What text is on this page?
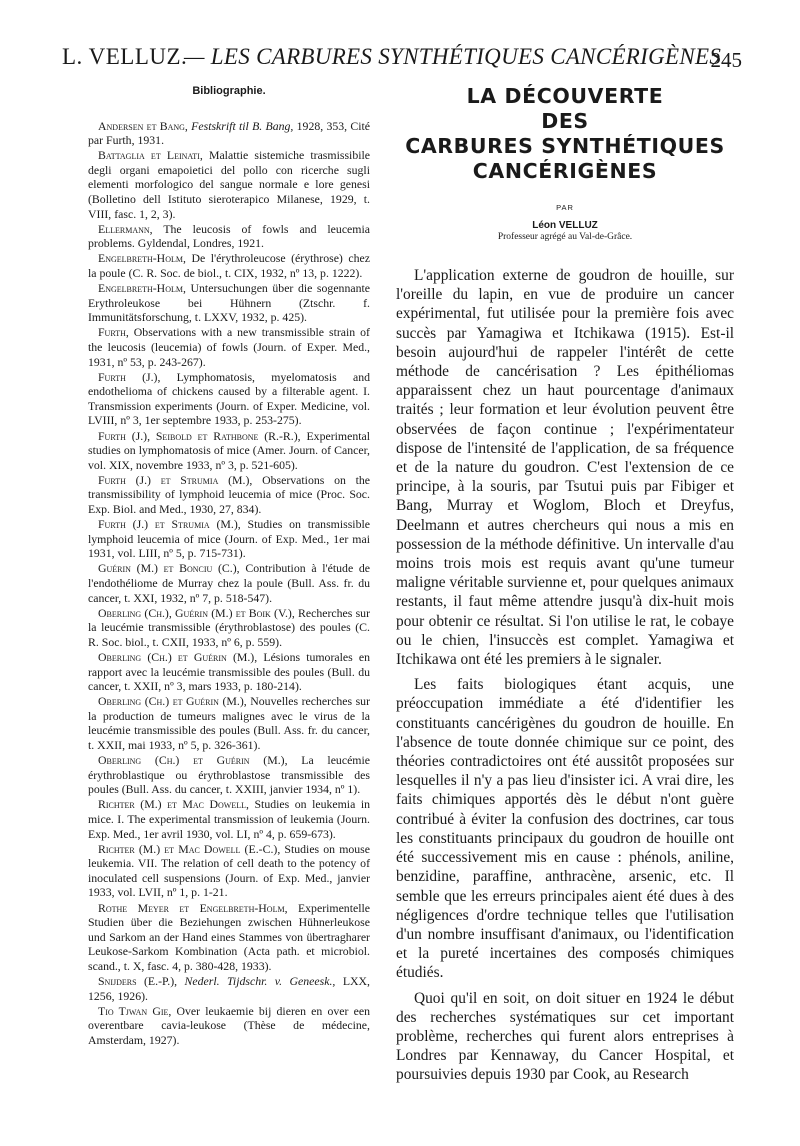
L. VELLUZ.
— LES CARBURES SYNTHÉTIQUES CANCÉRIGÈNES
245
Bibliographie.

Andersen et Bang, Festskrift til B. Bang, 1928, 353, Cité par Furth, 1931.

Battaglia et Leinati, Malattie sistemiche trasmissibile degli organi emapoietici del pollo con ricerche sugli elementi morfologico del sangue normale e lore genesi (Bolletino dell Istituto sieroterapico Milanese, 1929, t. VIII, fasc. 1, 2, 3).

Ellermann, The leucosis of fowls and leucemia problems. Gyldendal, Londres, 1921.

Engelbreth-Holm, De l'érythroleucose (érythrose) chez la poule (C. R. Soc. de biol., t. CIX, 1932, nº 13, p. 1222).

Engelbreth-Holm, Untersuchungen über die sogennante Erythroleukose bei Hühnern (Ztschr. f. Immunitätsforschung, t. LXXV, 1932, p. 425).

Furth, Observations with a new transmissible strain of the leucosis (leucemia) of fowls (Journ. of Exper. Med., 1931, nº 53, p. 243-267).

Furth (J.), Lymphomatosis, myelomatosis and endothelioma of chickens caused by a filterable agent. I. Transmission experiments (Journ. of Exper. Medicine, vol. LVIII, nº 3, 1er septembre 1933, p. 253-275).

Furth (J.), Seibold et Rathbone (R.-R.), Experimental studies on lymphomatosis of mice (Amer. Journ. of Cancer, vol. XIX, novembre 1933, nº 3, p. 521-605).

Furth (J.) et Strumia (M.), Observations on the transmissibility of lymphoid leucemia of mice (Proc. Soc. Exp. Biol. and Med., 1930, 27, 834).

Furth (J.) et Strumia (M.), Studies on transmissible lymphoid leucemia of mice (Journ. of Exp. Med., 1er mai 1931, vol. LIII, nº 5, p. 715-731).

Guérin (M.) et Bonciu (C.), Contribution à l'étude de l'endothéliome de Murray chez la poule (Bull. Ass. fr. du cancer, t. XXI, 1932, nº 7, p. 518-547).

Oberling (Ch.), Guérin (M.) et Boik (V.), Recherches sur la leucémie transmissible (érythroblastose) des poules (C. R. Soc. biol., t. CXII, 1933, nº 6, p. 559).

Oberling (Ch.) et Guérin (M.), Lésions tumorales en rapport avec la leucémie transmissible des poules (Bull. du cancer, t. XXII, nº 3, mars 1933, p. 180-214).

Oberling (Ch.) et Guérin (M.), Nouvelles recherches sur la production de tumeurs malignes avec le virus de la leucémie transmissible des poules (Bull. Ass. fr. du cancer, t. XXII, mai 1933, nº 5, p. 326-361).

Oberling (Ch.) et Guérin (M.), La leucémie érythroblastique ou érythroblastose transmissible des poules (Bull. Ass. du cancer, t. XXIII, janvier 1934, nº 1).

Richter (M.) et Mac Dowell, Studies on leukemia in mice. I. The experimental transmission of leukemia (Journ. Exp. Med., 1er avril 1930, vol. LI, nº 4, p. 659-673).

Richter (M.) et Mac Dowell (E.-C.), Studies on mouse leukemia. VII. The relation of cell death to the potency of inoculated cell suspensions (Journ. of Exp. Med., janvier 1933, vol. LVII, nº 1, p. 1-21.

Rothe Meyer et Engelbreth-Holm, Experimentelle Studien über die Beziehungen zwischen Hühnerleukose und Sarkom an der Hand eines Stammes von übertragharer Leukose-Sarkom Kombination (Acta path. et microbiol. scand., t. X, fasc. 4, p. 380-428, 1933).

Snijders (E.-P.), Nederl. Tijdschr. v. Geneesk., LXX, 1256, 1926).

Tio Tjwan Gie, Over leukaemie bij dieren en over een overentbare cavia-leukose (Thèse de médecine, Amsterdam, 1927).

LA DÉCOUVERTE
DES
CARBURES SYNTHÉTIQUES
CANCÉRIGÈNES
PAR
Léon VELLUZ
Professeur agrégé au Val-de-Grâce.

L'application externe de goudron de houille, sur l'oreille du lapin, en vue de produire un cancer expérimental, fut utilisée pour la première fois avec succès par Yamagiwa et Itchikawa (1915). Est-il besoin aujourd'hui de rappeler l'intérêt de cette méthode de cancérisation ? Les épithéliomas apparaissent chez un haut pourcentage d'animaux traités ; leur formation et leur évolution peuvent être observées de façon continue ; l'expérimentateur dispose de l'intensité de l'application, de sa fréquence et de la nature du goudron. C'est l'extension de ce principe, à la souris, par Tsutui puis par Fibiger et Bang, Murray et Woglom, Bloch et Dreyfus, Deelmann et autres chercheurs qui nous a mis en possession de la méthode définitive. Un intervalle d'au moins trois mois est requis avant qu'une tumeur maligne véritable survienne et, pour quelques animaux restants, il faut même attendre jusqu'à dix-huit mois pour obtenir ce résultat. Si l'on utilise le rat, le cobaye ou le chien, l'insuccès est complet. Yamagiwa et Itchikawa ont été les premiers à le signaler.

Les faits biologiques étant acquis, une préoccupation immédiate a été d'identifier les constituants cancérigènes du goudron de houille. En l'absence de toute donnée chimique sur ce point, des théories contradictoires ont été aussitôt proposées sur lesquelles il n'y a pas lieu d'insister ici. A vrai dire, les faits chimiques apportés dès le début n'ont guère contribué à éviter la confusion des doctrines, car tous les constituants principaux du goudron de houille ont été successivement mis en cause : phénols, aniline, benzidine, paraffine, anthracène, arsenic, etc. Il semble que les erreurs principales aient été dues à des négligences d'ordre technique telles que l'utilisation d'un nombre insuffisant d'animaux, ou l'identification et la pureté incertaines des composés chimiques étudiés.

Quoi qu'il en soit, on doit situer en 1924 le début des recherches systématiques sur cet important problème, recherches qui furent alors entreprises à Londres par Kennaway, du Cancer Hospital, et poursuivies depuis 1930 par Cook, au Research
